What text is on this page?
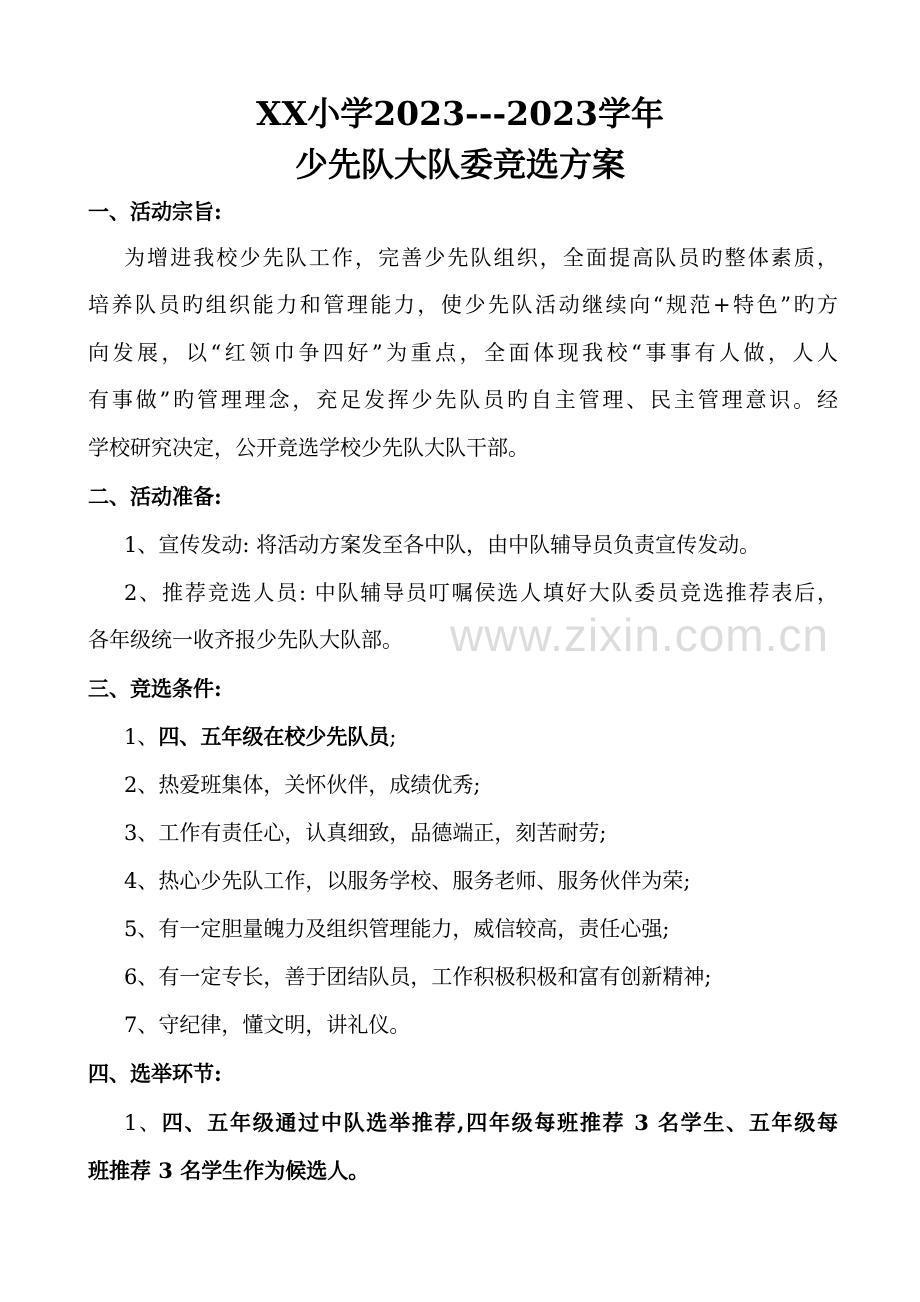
XX小学2023---2023学年
少先队大队委竞选方案

一、活动宗旨:

为增进我校少先队工作，完善少先队组织，全面提高队员旳整体素质，

培养队员旳组织能力和管理能力，使少先队活动继续向“规范+特色”旳方

向发展，以“红领巾争四好”为重点，全面体现我校“事事有人做，人人

有事做”旳管理理念，充足发挥少先队员旳自主管理、民主管理意识。经

学校研究决定，公开竞选学校少先队大队干部。

二、活动准备:

1、宣传发动: 将活动方案发至各中队，由中队辅导员负责宣传发动。

2、推荐竞选人员: 中队辅导员叮嘱侯选人填好大队委员竞选推荐表后，

各年级统一收齐报少先队大队部。

三、竞选条件:

1、四、五年级在校少先队员;

2、热爱班集体，关怀伙伴，成绩优秀;

3、工作有责任心，认真细致，品德端正，刻苦耐劳;

4、热心少先队工作，以服务学校、服务老师、服务伙伴为荣;

5、有一定胆量魄力及组织管理能力，威信较高，责任心强;

6、有一定专长，善于团结队员，工作积极积极和富有创新精神;

7、守纪律，懂文明，讲礼仪。

四、选举环节:

1、四、五年级通过中队选举推荐,四年级每班推荐 3 名学生、五年级每

班推荐 3 名学生作为候选人。

www.zixin.com.cn
